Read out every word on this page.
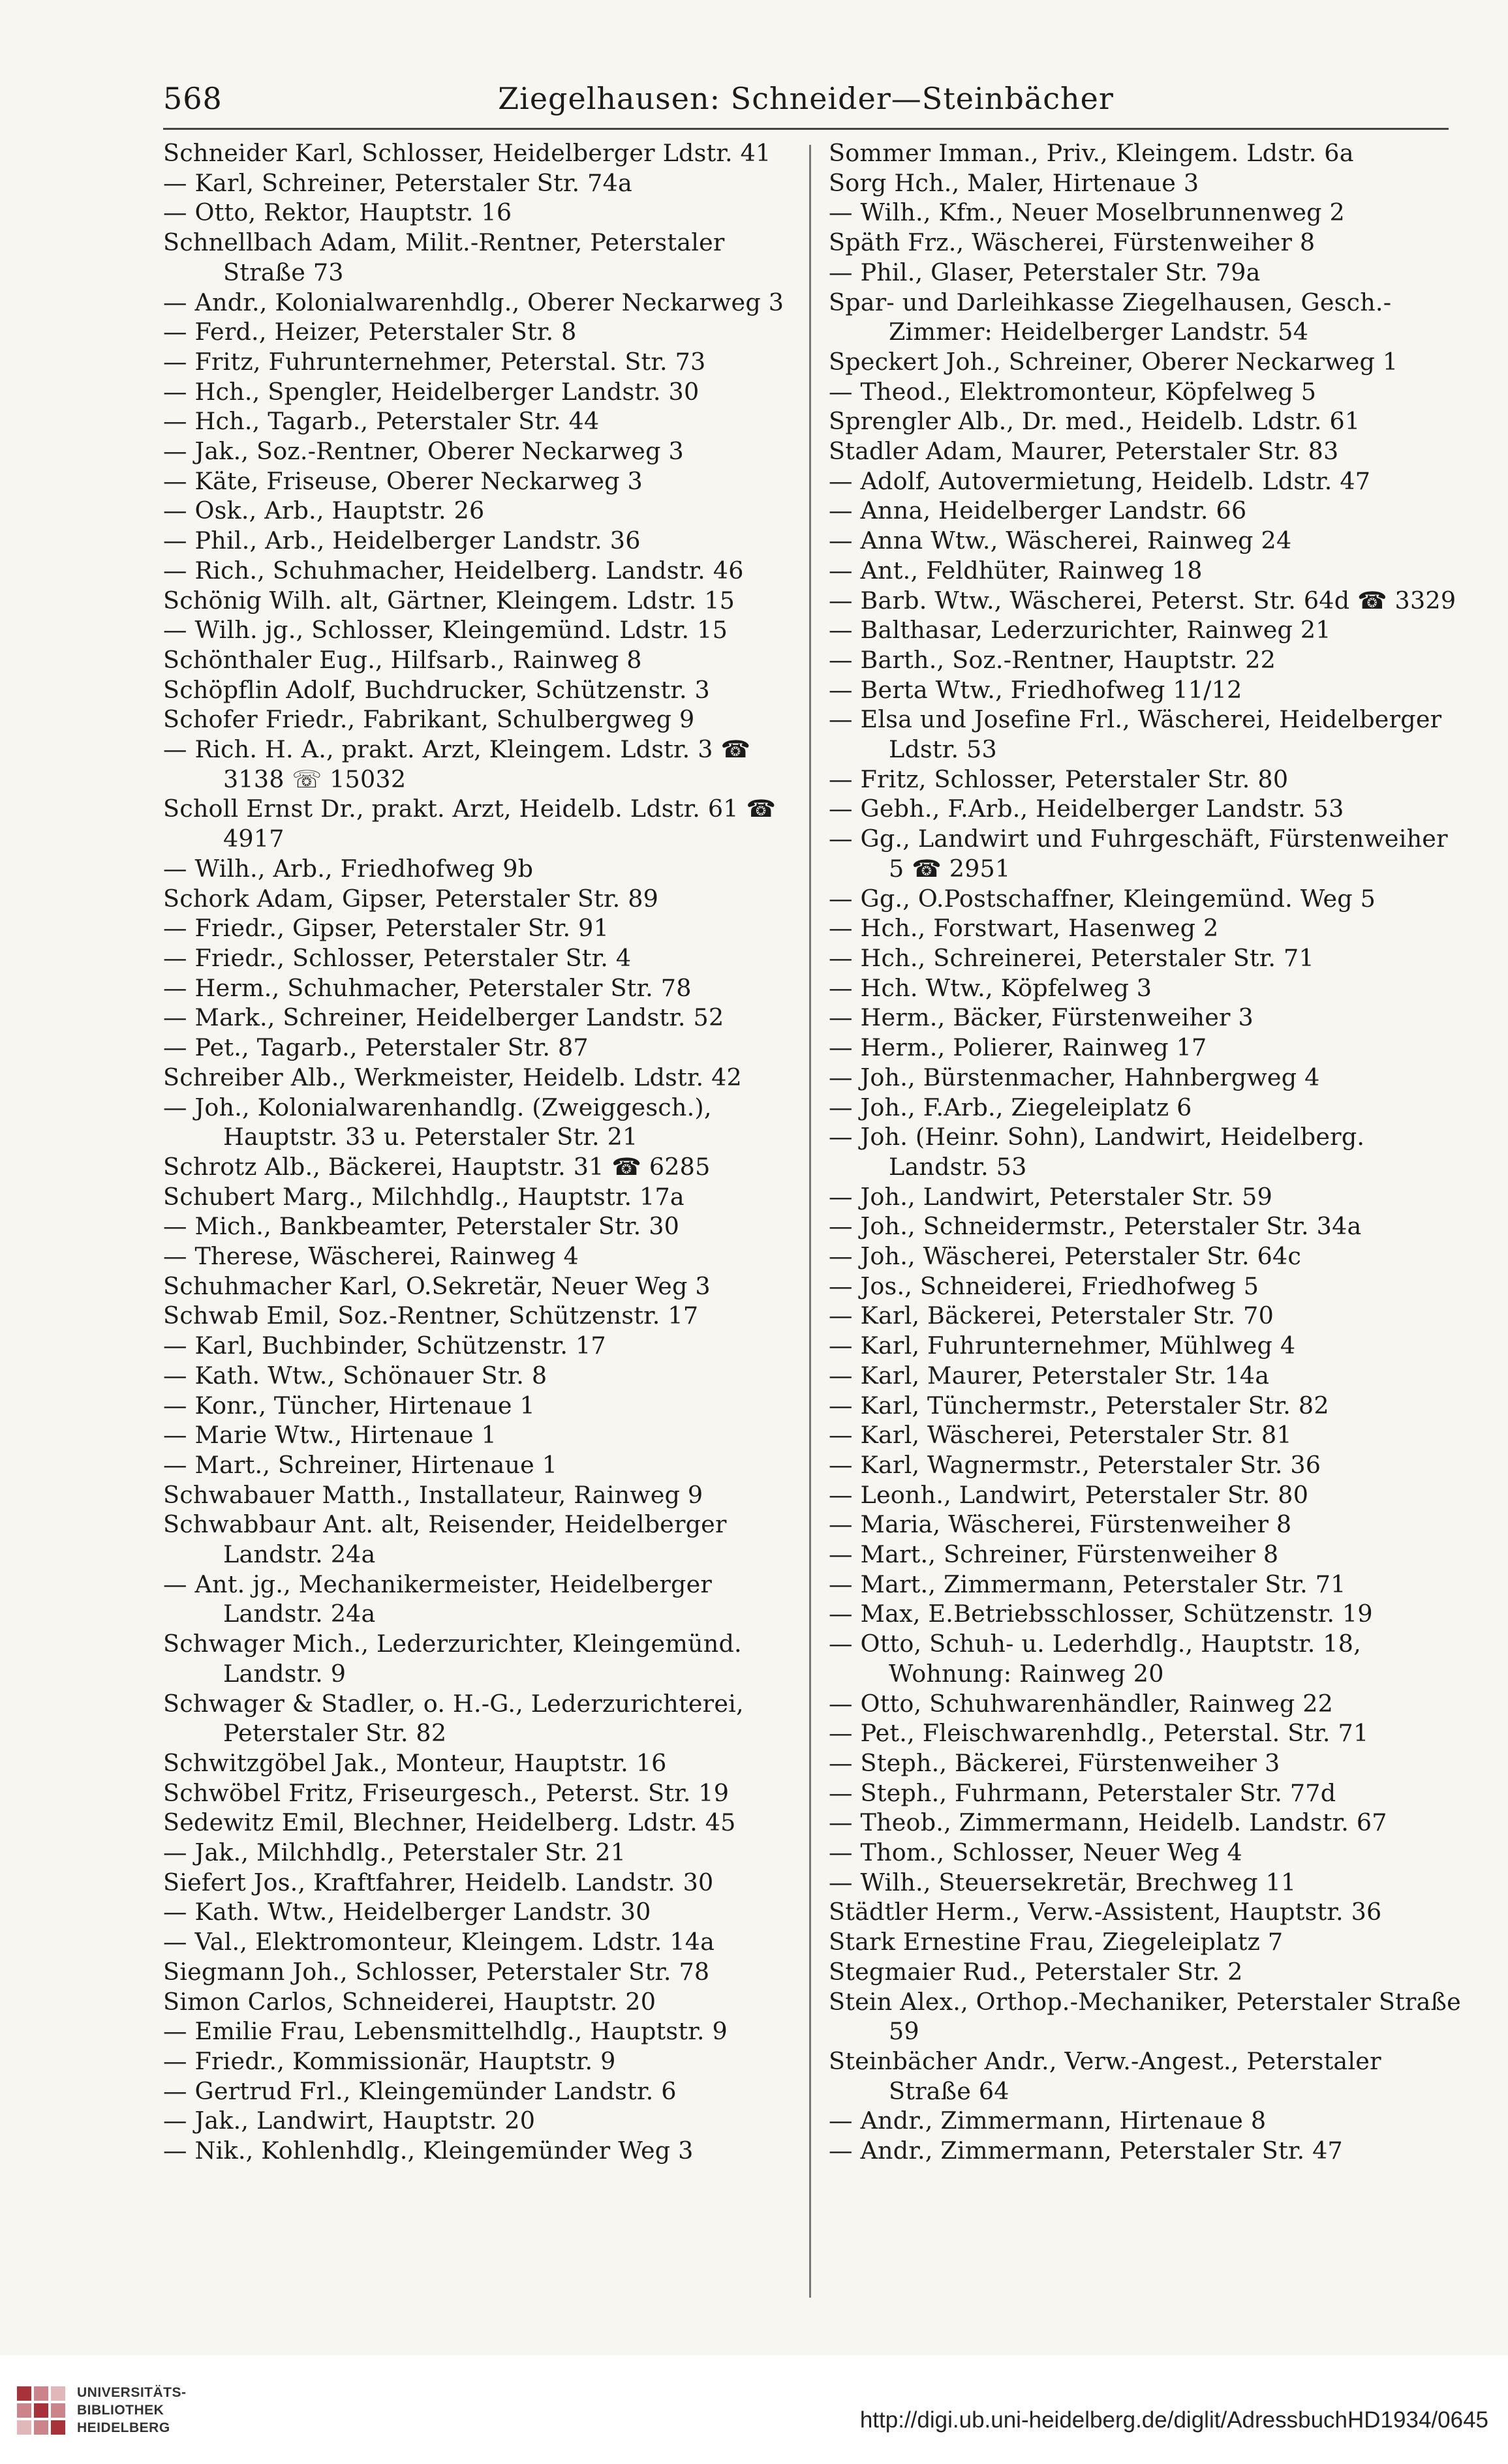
568	Ziegelhausen: Schneider—Steinbächer
Schneider Karl, Schlosser, Heidelberger Ldstr. 41
— Karl, Schreiner, Peterstaler Str. 74a
— Otto, Rektor, Hauptstr. 16
Schnellbach Adam, Milit.-Rentner, Peterstaler Straße 73
— Andr., Kolonialwarenhdlg., Oberer Neckarweg 3
— Ferd., Heizer, Peterstaler Str. 8
— Fritz, Fuhrunternehmer, Peterstal. Str. 73
— Hch., Spengler, Heidelberger Landstr. 30
— Hch., Tagarb., Peterstaler Str. 44
— Jak., Soz.-Rentner, Oberer Neckarweg 3
— Käte, Friseuse, Oberer Neckarweg 3
— Osk., Arb., Hauptstr. 26
— Phil., Arb., Heidelberger Landstr. 36
— Rich., Schuhmacher, Heidelberg. Landstr. 46
Schönig Wilh. alt, Gärtner, Kleingem. Ldstr. 15
— Wilh. jg., Schlosser, Kleingemünd. Ldstr. 15
Schönthaler Eug., Hilfsarb., Rainweg 8
Schöpflin Adolf, Buchdrucker, Schützenstr. 3
Schofer Friedr., Fabrikant, Schulbergweg 9
— Rich. H. A., prakt. Arzt, Kleingem. Ldstr. 3 ☎ 3138 ☏ 15032
Scholl Ernst Dr., prakt. Arzt, Heidelb. Ldstr. 61 ☎ 4917
— Wilh., Arb., Friedhofweg 9b
Schork Adam, Gipser, Peterstaler Str. 89
— Friedr., Gipser, Peterstaler Str. 91
— Friedr., Schlosser, Peterstaler Str. 4
— Herm., Schuhmacher, Peterstaler Str. 78
— Mark., Schreiner, Heidelberger Landstr. 52
— Pet., Tagarb., Peterstaler Str. 87
Schreiber Alb., Werkmeister, Heidelb. Ldstr. 42
— Joh., Kolonialwarenhandlg. (Zweiggesch.), Hauptstr. 33 u. Peterstaler Str. 21
Schrotz Alb., Bäckerei, Hauptstr. 31 ☎ 6285
Schubert Marg., Milchhdlg., Hauptstr. 17a
— Mich., Bankbeamter, Peterstaler Str. 30
— Therese, Wäscherei, Rainweg 4
Schuhmacher Karl, O.Sekretär, Neuer Weg 3
Schwab Emil, Soz.-Rentner, Schützenstr. 17
— Karl, Buchbinder, Schützenstr. 17
— Kath. Wtw., Schönauer Str. 8
— Konr., Tüncher, Hirtenaue 1
— Marie Wtw., Hirtenaue 1
— Mart., Schreiner, Hirtenaue 1
Schwabauer Matth., Installateur, Rainweg 9
Schwabbaur Ant. alt, Reisender, Heidelberger Landstr. 24a
— Ant. jg., Mechanikermeister, Heidelberger Landstr. 24a
Schwager Mich., Lederzurichter, Kleingemünd. Landstr. 9
Schwager & Stadler, o. H.-G., Lederzurichterei, Peterstaler Str. 82
Schwitzgöbel Jak., Monteur, Hauptstr. 16
Schwöbel Fritz, Friseurgesch., Peterst. Str. 19
Sedewitz Emil, Blechner, Heidelberg. Ldstr. 45
— Jak., Milchhdlg., Peterstaler Str. 21
Siefert Jos., Kraftfahrer, Heidelb. Landstr. 30
— Kath. Wtw., Heidelberger Landstr. 30
— Val., Elektromonteur, Kleingem. Ldstr. 14a
Siegmann Joh., Schlosser, Peterstaler Str. 78
Simon Carlos, Schneiderei, Hauptstr. 20
— Emilie Frau, Lebensmittelhdlg., Hauptstr. 9
— Friedr., Kommissionär, Hauptstr. 9
— Gertrud Frl., Kleingemünder Landstr. 6
— Jak., Landwirt, Hauptstr. 20
— Nik., Kohlenhdlg., Kleingemünder Weg 3
Sommer Imman., Priv., Kleingem. Ldstr. 6a
Sorg Hch., Maler, Hirtenaue 3
— Wilh., Kfm., Neuer Moselbrunnenweg 2
Späth Frz., Wäscherei, Fürstenweiher 8
— Phil., Glaser, Peterstaler Str. 79a
Spar- und Darleihkasse Ziegelhausen, Gesch.-Zimmer: Heidelberger Landstr. 54
Speckert Joh., Schreiner, Oberer Neckarweg 1
— Theod., Elektromonteur, Köpfelweg 5
Sprengler Alb., Dr. med., Heidelb. Ldstr. 61
Stadler Adam, Maurer, Peterstaler Str. 83
— Adolf, Autovermietung, Heidelb. Ldstr. 47
— Anna, Heidelberger Landstr. 66
— Anna Wtw., Wäscherei, Rainweg 24
— Ant., Feldhüter, Rainweg 18
— Barb. Wtw., Wäscherei, Peterst. Str. 64d ☎ 3329
— Balthasar, Lederzurichter, Rainweg 21
— Barth., Soz.-Rentner, Hauptstr. 22
— Berta Wtw., Friedhofweg 11/12
— Elsa und Josefine Frl., Wäscherei, Heidelberger Ldstr. 53
— Fritz, Schlosser, Peterstaler Str. 80
— Gebh., F.Arb., Heidelberger Landstr. 53
— Gg., Landwirt und Fuhrgeschäft, Fürstenweiher 5 ☎ 2951
— Gg., O.Postschaffner, Kleingemünd. Weg 5
— Hch., Forstwart, Hasenweg 2
— Hch., Schreinerei, Peterstaler Str. 71
— Hch. Wtw., Köpfelweg 3
— Herm., Bäcker, Fürstenweiher 3
— Herm., Polierer, Rainweg 17
— Joh., Bürstenmacher, Hahnbergweg 4
— Joh., F.Arb., Ziegeleiplatz 6
— Joh. (Heinr. Sohn), Landwirt, Heidelberg. Landstr. 53
— Joh., Landwirt, Peterstaler Str. 59
— Joh., Schneidermstr., Peterstaler Str. 34a
— Joh., Wäscherei, Peterstaler Str. 64c
— Jos., Schneiderei, Friedhofweg 5
— Karl, Bäckerei, Peterstaler Str. 70
— Karl, Fuhrunternehmer, Mühlweg 4
— Karl, Maurer, Peterstaler Str. 14a
— Karl, Tünchermstr., Peterstaler Str. 82
— Karl, Wäscherei, Peterstaler Str. 81
— Karl, Wagnermstr., Peterstaler Str. 36
— Leonh., Landwirt, Peterstaler Str. 80
— Maria, Wäscherei, Fürstenweiher 8
— Mart., Schreiner, Fürstenweiher 8
— Mart., Zimmermann, Peterstaler Str. 71
— Max, E.Betriebsschlosser, Schützenstr. 19
— Otto, Schuh- u. Lederhdlg., Hauptstr. 18, Wohnung: Rainweg 20
— Otto, Schuhwarenhändler, Rainweg 22
— Pet., Fleischwarenhdlg., Peterstal. Str. 71
— Steph., Bäckerei, Fürstenweiher 3
— Steph., Fuhrmann, Peterstaler Str. 77d
— Theob., Zimmermann, Heidelb. Landstr. 67
— Thom., Schlosser, Neuer Weg 4
— Wilh., Steuersekretär, Brechweg 11
Städtler Herm., Verw.-Assistent, Hauptstr. 36
Stark Ernestine Frau, Ziegeleiplatz 7
Stegmaier Rud., Peterstaler Str. 2
Stein Alex., Orthop.-Mechaniker, Peterstaler Straße 59
Steinbächer Andr., Verw.-Angest., Peterstaler Straße 64
— Andr., Zimmermann, Hirtenaue 8
— Andr., Zimmermann, Peterstaler Str. 47
UNIVERSITÄTS-
BIBLIOTHEK
HEIDELBERG	http://digi.ub.uni-heidelberg.de/diglit/AdressbuchHD1934/0645
